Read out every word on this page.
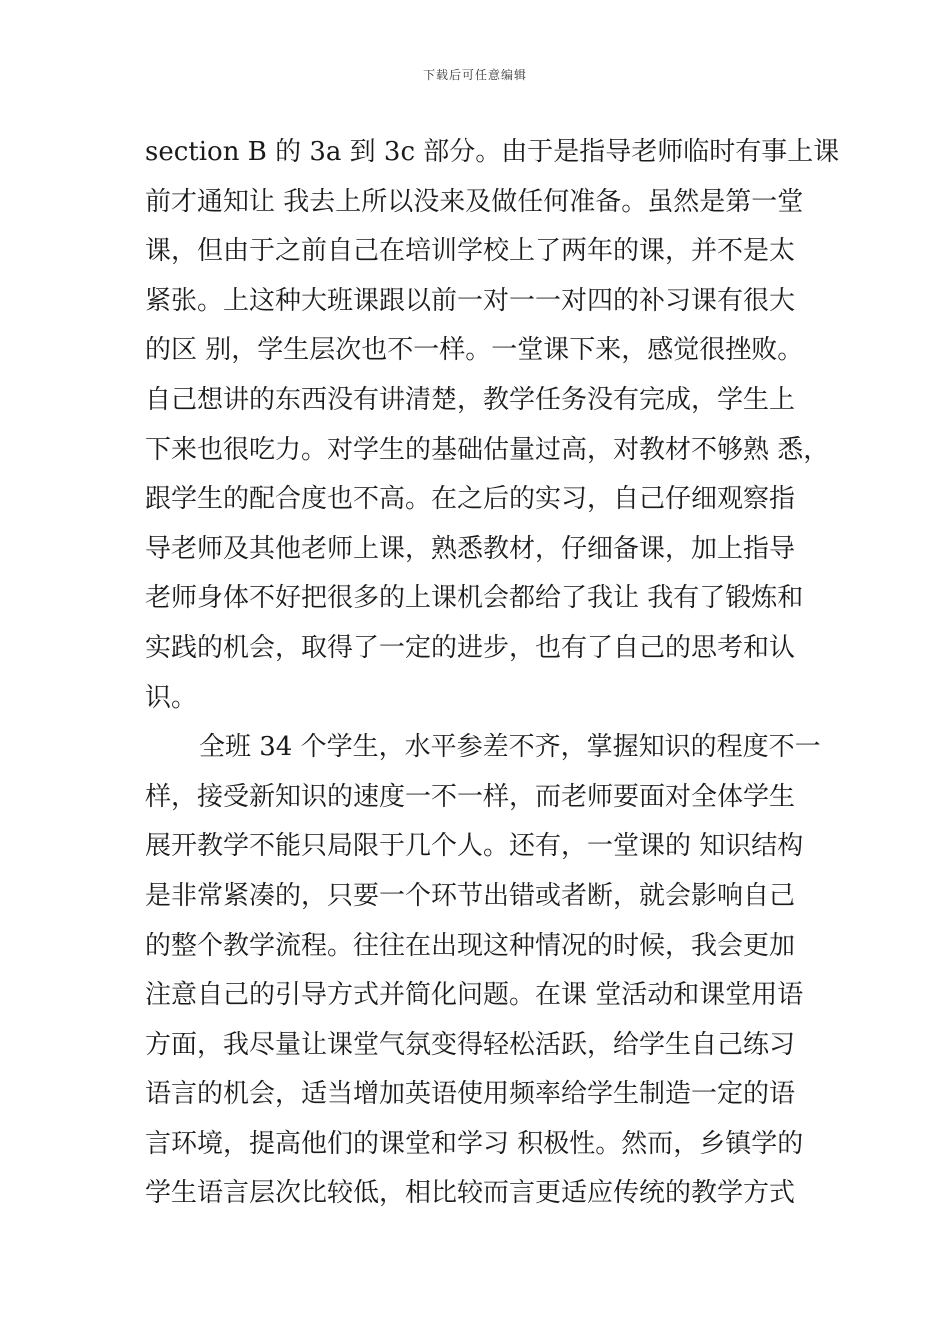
下载后可任意编辑
section B 的 3a 到 3c 部分。由于是指导老师临时有事上课
前才通知让 我去上所以没来及做任何准备。虽然是第一堂
课，但由于之前自己在培训学校上了两年的课，并不是太
紧张。上这种大班课跟以前一对一一对四的补习课有很大
的区 别，学生层次也不一样。一堂课下来，感觉很挫败。
自己想讲的东西没有讲清楚，教学任务没有完成，学生上
下来也很吃力。对学生的基础估量过高，对教材不够熟 悉，
跟学生的配合度也不高。在之后的实习，自己仔细观察指
导老师及其他老师上课，熟悉教材，仔细备课，加上指导
老师身体不好把很多的上课机会都给了我让 我有了锻炼和
实践的机会，取得了一定的进步，也有了自己的思考和认
识。
全班 34 个学生，水平参差不齐，掌握知识的程度不一
样，接受新知识的速度一不一样，而老师要面对全体学生
展开教学不能只局限于几个人。还有，一堂课的 知识结构
是非常紧凑的，只要一个环节出错或者断，就会影响自己
的整个教学流程。往往在出现这种情况的时候，我会更加
注意自己的引导方式并简化问题。在课 堂活动和课堂用语
方面，我尽量让课堂气氛变得轻松活跃，给学生自己练习
语言的机会，适当增加英语使用频率给学生制造一定的语
言环境，提高他们的课堂和学习 积极性。然而，乡镇学的
学生语言层次比较低，相比较而言更适应传统的教学方式
